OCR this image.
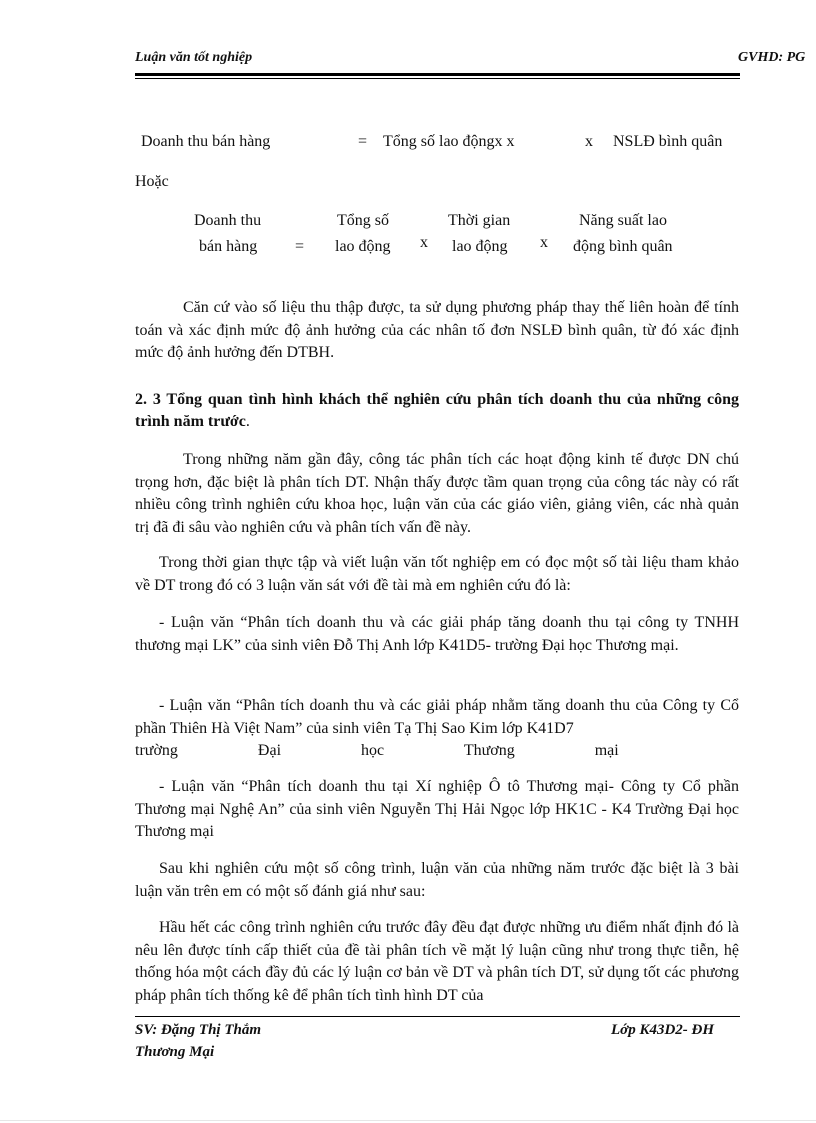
Luận văn tốt nghiệp	GVHD: PG
Doanh thu bán hàng	= Tổng số lao độngx x	x NSLĐ bình quân
Hoặc
Doanh thu
bán hàng =
Tổng số
lao động x
Thời gian
lao động x
Năng suất lao
động bình quân
Căn cứ vào số liệu thu thập được, ta sử dụng phương pháp thay thế liên hoàn để tính toán và xác định mức độ ảnh hưởng của các nhân tố đơn NSLĐ bình quân, từ đó xác định mức độ ảnh hưởng đến DTBH.
2. 3 Tổng quan tình hình khách thể nghiên cứu phân tích doanh thu của những công trình năm trước.
Trong những năm gần đây, công tác phân tích các hoạt động kinh tế được DN chú trọng hơn, đặc biệt là phân tích DT. Nhận thấy được tầm quan trọng của công tác này có rất nhiều công trình nghiên cứu khoa học, luận văn của các giáo viên, giảng viên, các nhà quản trị đã đi sâu vào nghiên cứu và phân tích vấn đề này.
Trong thời gian thực tập và viết luận văn tốt nghiệp em có đọc một số tài liệu tham khảo về DT trong đó có 3 luận văn sát với đề tài mà em nghiên cứu đó là:
- Luận văn “Phân tích doanh thu và các giải pháp tăng doanh thu tại công ty TNHH thương mại LK” của sinh viên Đỗ Thị Anh lớp K41D5- trường Đại học Thương mại.
- Luận văn “Phân tích doanh thu và các giải pháp nhằm tăng doanh thu của Công ty Cổ phần Thiên Hà Việt Nam” của sinh viên Tạ Thị Sao Kim lớp K41D7
trường Đại học Thương mại
- Luận văn “Phân tích doanh thu tại Xí nghiệp Ô tô Thương mại- Công ty Cổ phần Thương mại Nghệ An” của sinh viên Nguyễn Thị Hải Ngọc lớp HK1C - K4 Trường Đại học Thương mại
Sau khi nghiên cứu một số công trình, luận văn của những năm trước đặc biệt là 3 bài luận văn trên em có một số đánh giá như sau:
Hầu hết các công trình nghiên cứu trước đây đều đạt được những ưu điểm nhất định đó là nêu lên được tính cấp thiết của đề tài phân tích về mặt lý luận cũng như trong thực tiễn, hệ thống hóa một cách đầy đủ các lý luận cơ bản về DT và phân tích DT, sử dụng tốt các phương pháp phân tích thống kê để phân tích tình hình DT của
SV: Đặng Thị Thắm
Thương Mại
Lớp K43D2- ĐH
